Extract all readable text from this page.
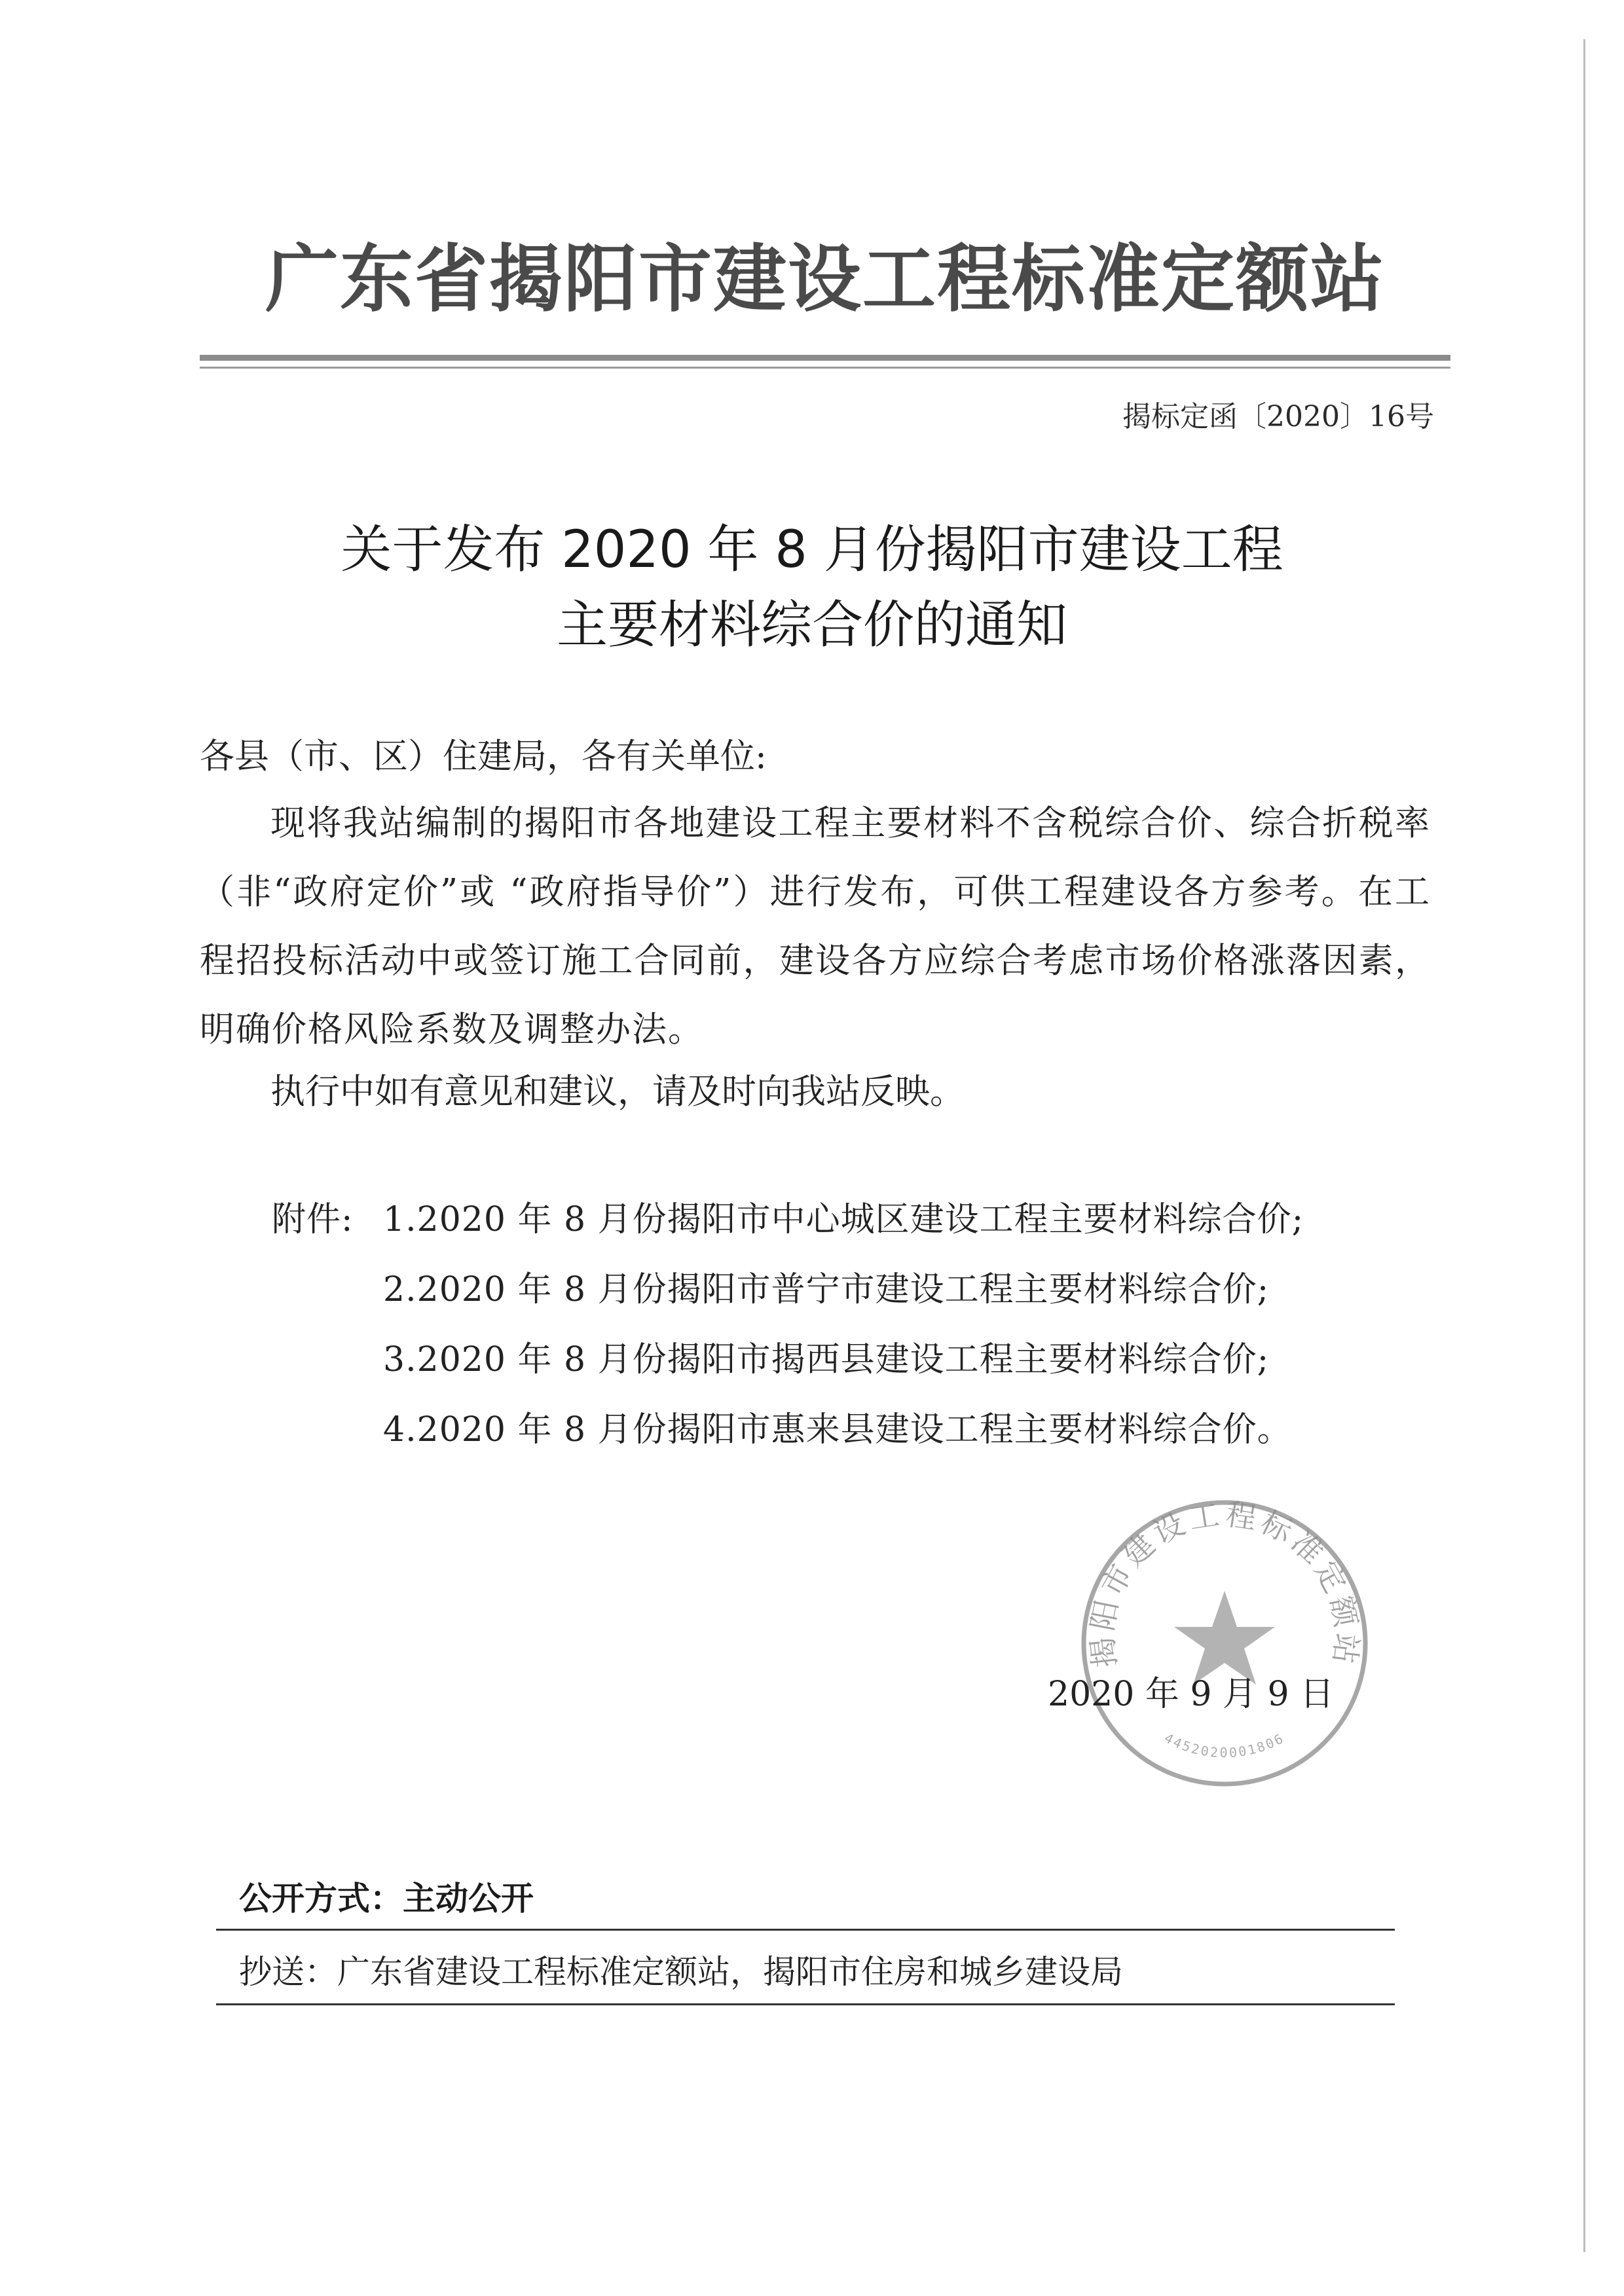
广东省揭阳市建设工程标准定额站
揭标定函〔2020〕16号
关于发布 2020 年 8 月份揭阳市建设工程
主要材料综合价的通知
各县（市、区）住建局，各有关单位:
现将我站编制的揭阳市各地建设工程主要材料不含税综合价、综合折税率（非“政府定价”或 “政府指导价”）进行发布，可供工程建设各方参考。在工程招投标活动中或签订施工合同前，建设各方应综合考虑市场价格涨落因素，明确价格风险系数及调整办法。
执行中如有意见和建议，请及时向我站反映。
附件: 1.2020 年 8 月份揭阳市中心城区建设工程主要材料综合价;
2.2020 年 8 月份揭阳市普宁市建设工程主要材料综合价;
3.2020 年 8 月份揭阳市揭西县建设工程主要材料综合价;
4.2020 年 8 月份揭阳市惠来县建设工程主要材料综合价。
揭阳市建设工程标准定额站
4452020001806
2020 年 9 月 9 日
公开方式：主动公开
抄送：广东省建设工程标准定额站，揭阳市住房和城乡建设局
